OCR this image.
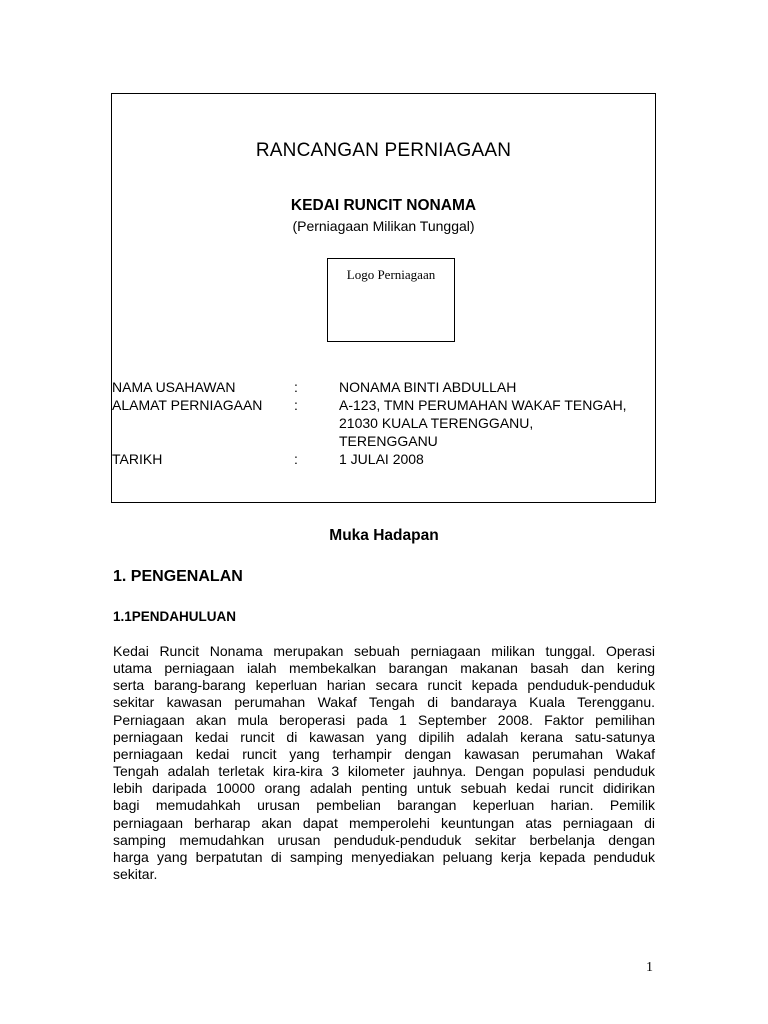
RANCANGAN PERNIAGAAN
KEDAI RUNCIT NONAMA
(Perniagaan Milikan Tunggal)
Logo Perniagaan
NAMA USAHAWAN	:	NONAMA BINTI ABDULLAH
ALAMAT PERNIAGAAN :	A-123, TMN PERUMAHAN WAKAF TENGAH,
21030 KUALA TERENGGANU,
TERENGGANU
TARIKH	:	1 JULAI 2008
Muka Hadapan
1. PENGENALAN
1.1PENDAHULUAN
Kedai Runcit Nonama merupakan sebuah perniagaan milikan tunggal. Operasi
utama perniagaan ialah membekalkan barangan makanan basah dan kering
serta barang-barang keperluan harian secara runcit kepada penduduk-penduduk
sekitar kawasan perumahan Wakaf Tengah di bandaraya Kuala Terengganu.
Perniagaan akan mula beroperasi pada 1 September 2008. Faktor pemilihan
perniagaan kedai runcit di kawasan yang dipilih adalah kerana satu-satunya
perniagaan kedai runcit yang terhampir dengan kawasan perumahan Wakaf
Tengah adalah terletak kira-kira 3 kilometer jauhnya. Dengan populasi penduduk
lebih daripada 10000 orang adalah penting untuk sebuah kedai runcit didirikan
bagi memudahkah urusan pembelian barangan keperluan harian. Pemilik
perniagaan berharap akan dapat memperolehi keuntungan atas perniagaan di
samping memudahkan urusan penduduk-penduduk sekitar berbelanja dengan
harga yang berpatutan di samping menyediakan peluang kerja kepada penduduk
sekitar.
1
